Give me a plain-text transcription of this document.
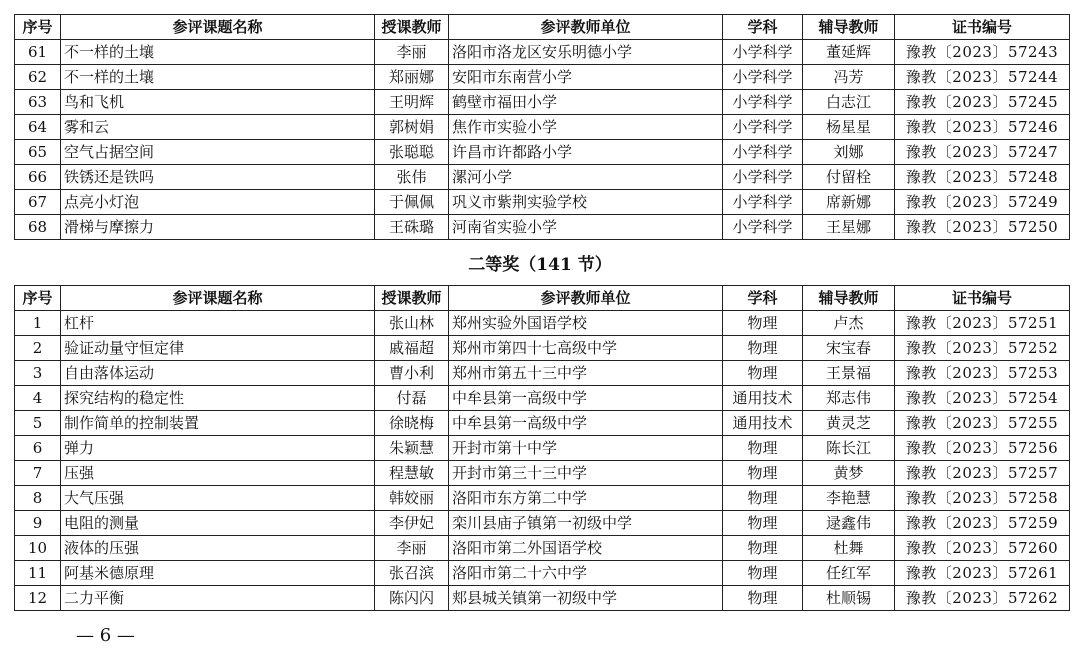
序号	参评课题名称	授课教师	参评教师单位	学科	辅导教师	证书编号
61	不一样的土壤	李丽	洛阳市洛龙区安乐明德小学	小学科学	董延辉	豫教〔2023〕57243
62	不一样的土壤	郑丽娜	安阳市东南营小学	小学科学	冯芳	豫教〔2023〕57244
63	鸟和飞机	王明辉	鹤壁市福田小学	小学科学	白志江	豫教〔2023〕57245
64	雾和云	郭树娟	焦作市实验小学	小学科学	杨星星	豫教〔2023〕57246
65	空气占据空间	张聪聪	许昌市许都路小学	小学科学	刘娜	豫教〔2023〕57247
66	铁锈还是铁吗	张伟	漯河小学	小学科学	付留栓	豫教〔2023〕57248
67	点亮小灯泡	于佩佩	巩义市紫荆实验学校	小学科学	席新娜	豫教〔2023〕57249
68	滑梯与摩擦力	王硃璐	河南省实验小学	小学科学	王星娜	豫教〔2023〕57250
二等奖（141 节）
序号	参评课题名称	授课教师	参评教师单位	学科	辅导教师	证书编号
1	杠杆	张山林	郑州实验外国语学校	物理	卢杰	豫教〔2023〕57251
2	验证动量守恒定律	戚福超	郑州市第四十七高级中学	物理	宋宝春	豫教〔2023〕57252
3	自由落体运动	曹小利	郑州市第五十三中学	物理	王景福	豫教〔2023〕57253
4	探究结构的稳定性	付磊	中牟县第一高级中学	通用技术	郑志伟	豫教〔2023〕57254
5	制作简单的控制装置	徐晓梅	中牟县第一高级中学	通用技术	黄灵芝	豫教〔2023〕57255
6	弹力	朱颖慧	开封市第十中学	物理	陈长江	豫教〔2023〕57256
7	压强	程慧敏	开封市第三十三中学	物理	黄梦	豫教〔2023〕57257
8	大气压强	韩姣丽	洛阳市东方第二中学	物理	李艳慧	豫教〔2023〕57258
9	电阻的测量	李伊妃	栾川县庙子镇第一初级中学	物理	逯鑫伟	豫教〔2023〕57259
10	液体的压强	李丽	洛阳市第二外国语学校	物理	杜舞	豫教〔2023〕57260
11	阿基米德原理	张召滨	洛阳市第二十六中学	物理	任红军	豫教〔2023〕57261
12	二力平衡	陈闪闪	郏县城关镇第一初级中学	物理	杜顺锡	豫教〔2023〕57262
— 6 —
